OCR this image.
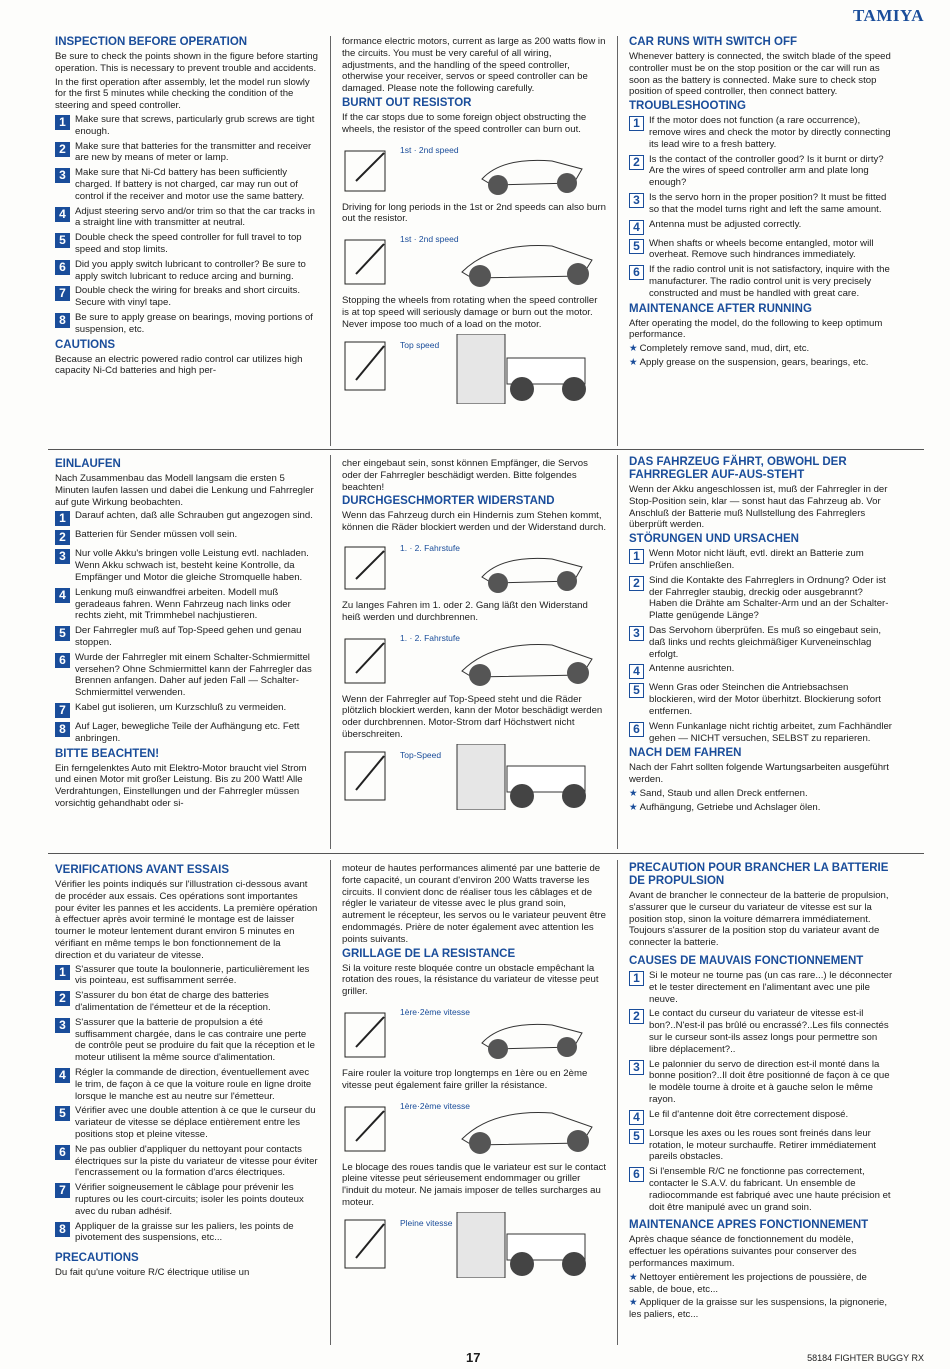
TAMIYA
INSPECTION BEFORE OPERATION

Be sure to check the points shown in the figure before starting operation. This is necessary to prevent trouble and accidents.

In the first operation after assembly, let the model run slowly for the first 5 minutes while checking the condition of the steering and speed controller.

1 Make sure that screws, particularly grub screws are tight enough.
2 Make sure that batteries for the transmitter and receiver are new by means of meter or lamp.
3 Make sure that Ni-Cd battery has been sufficiently charged. If battery is not charged, car may run out of control if the receiver and motor use the same battery.
4 Adjust steering servo and/or trim so that the car tracks in a straight line with transmitter at neutral.
5 Double check the speed controller for full travel to top speed and stop limits.
6 Did you apply switch lubricant to controller? Be sure to apply switch lubricant to reduce arcing and burning.
7 Double check the wiring for breaks and short circuits. Secure with vinyl tape.
8 Be sure to apply grease on bearings, moving portions of suspension, etc.
CAUTIONS

Because an electric powered radio control car utilizes high capacity Ni-Cd batteries and high per-

formance electric motors, current as large as 200 watts flow in the circuits. You must be very careful of all wiring, adjustments, and the handling of the speed controller, otherwise your receiver, servos or speed controller can be damaged. Please note the following carefully.

BURNT OUT RESISTOR

If the car stops due to some foreign object obstructing the wheels, the resistor of the speed controller can burn out.

1st · 2nd speed

Driving for long periods in the 1st or 2nd speeds can also burn out the resistor.

1st · 2nd speed

Stopping the wheels from rotating when the speed controller is at top speed will seriously damage or burn out the motor. Never impose too much of a load on the motor.

Top speed
CAR RUNS WITH SWITCH OFF

Whenever battery is connected, the switch blade of the speed controller must be on the stop position or the car will run as soon as the battery is connected. Make sure to check stop position of speed controller, then connect battery.

TROUBLESHOOTING
1 If the motor does not function (a rare occurrence), remove wires and check the motor by directly connecting its lead wire to a fresh battery.
2 Is the contact of the controller good? Is it burnt or dirty? Are the wires of speed controller arm and plate long enough?
3 Is the servo horn in the proper position? It must be fitted so that the model turns right and left the same amount.
4 Antenna must be adjusted correctly.
5 When shafts or wheels become entangled, motor will overheat. Remove such hindrances immediately.
6 If the radio control unit is not satisfactory, inquire with the manufacturer. The radio control unit is very precisely constructed and must be handled with great care.
MAINTENANCE AFTER RUNNING

After operating the model, do the following to keep optimum performance.

★ Completely remove sand, mud, dirt, etc.
★ Apply grease on the suspension, gears, bearings, etc.
EINLAUFEN

Nach Zusammenbau das Modell langsam die ersten 5 Minuten laufen lassen und dabei die Lenkung und Fahrregler auf gute Wirkung beobachten.

1 Darauf achten, daß alle Schrauben gut angezogen sind.
2 Batterien für Sender müssen voll sein.
3 Nur volle Akku's bringen volle Leistung evtl. nachladen. Wenn Akku schwach ist, besteht keine Kontrolle, da Empfänger und Motor die gleiche Stromquelle haben.
4 Lenkung muß einwandfrei arbeiten. Modell muß geradeaus fahren. Wenn Fahrzeug nach links oder rechts zieht, mit Trimmhebel nachjustieren.
5 Der Fahrregler muß auf Top-Speed gehen und genau stoppen.
6 Wurde der Fahrregler mit einem Schalter-Schmiermittel versehen? Ohne Schmiermittel kann der Fahrregler das Brennen anfangen. Daher auf jeden Fall — Schalter-Schmiermittel verwenden.
7 Kabel gut isolieren, um Kurzschluß zu vermeiden.
8 Auf Lager, bewegliche Teile der Aufhängung etc. Fett anbringen.
BITTE BEACHTEN!

Ein ferngelenktes Auto mit Elektro-Motor braucht viel Strom und einen Motor mit großer Leistung. Bis zu 200 Watt! Alle Verdrahtungen, Einstellungen und der Fahrregler müssen vorsichtig gehandhabt oder si-

cher eingebaut sein, sonst können Empfänger, die Servos oder der Fahrregler beschädigt werden. Bitte folgendes beachten!

DURCHGESCHMORTER WIDERSTAND

Wenn das Fahrzeug durch ein Hindernis zum Stehen kommt, können die Räder blockiert werden und der Widerstand durch.

1. · 2. Fahrstufe

Zu langes Fahren im 1. oder 2. Gang läßt den Widerstand heiß werden und durchbrennen.

1. · 2. Fahrstufe

Wenn der Fahrregler auf Top-Speed steht und die Räder plötzlich blockiert werden, kann der Motor beschädigt werden oder durchbrennen. Motor-Strom darf Höchstwert nicht überschreiten.

Top-Speed
DAS FAHRZEUG FÄHRT, OBWOHL DER FAHRREGLER AUF-AUS-STEHT

Wenn der Akku angeschlossen ist, muß der Fahrregler in der Stop-Position sein, klar — sonst haut das Fahrzeug ab. Vor Anschluß der Batterie muß Nullstellung des Fahrreglers überprüft werden.

STÖRUNGEN UND URSACHEN
1 Wenn Motor nicht läuft, evtl. direkt an Batterie zum Prüfen anschließen.
2 Sind die Kontakte des Fahrreglers in Ordnung? Oder ist der Fahrregler staubig, dreckig oder ausgebrannt? Haben die Drähte am Schalter-Arm und an der Schalter-Platte genügende Länge?
3 Das Servohorn überprüfen. Es muß so eingebaut sein, daß links und rechts gleichmäßiger Kurveneinschlag erfolgt.
4 Antenne ausrichten.
5 Wenn Gras oder Steinchen die Antriebsachsen blockieren, wird der Motor überhitzt. Blockierung sofort entfernen.
6 Wenn Funkanlage nicht richtig arbeitet, zum Fachhändler gehen — NICHT versuchen, SELBST zu reparieren.
NACH DEM FAHREN

Nach der Fahrt sollten folgende Wartungsarbeiten ausgeführt werden.

★ Sand, Staub und allen Dreck entfernen.
★ Aufhängung, Getriebe und Achslager ölen.
VERIFICATIONS AVANT ESSAIS

Vérifier les points indiqués sur l'illustration ci-dessous avant de procéder aux essais. Ces opérations sont importantes pour éviter les pannes et les accidents. La première opération à effectuer après avoir terminé le montage est de laisser tourner le moteur lentement durant environ 5 minutes en vérifiant en même temps le bon fonctionnement de la direction et du variateur de vitesse.

1 S'assurer que toute la boulonnerie, particulièrement les vis pointeau, est suffisamment serrée.
2 S'assurer du bon état de charge des batteries d'alimentation de l'émetteur et de la réception.
3 S'assurer que la batterie de propulsion a été suffisamment chargée, dans le cas contraire une perte de contrôle peut se produire du fait que la réception et le moteur utilisent la même source d'alimentation.
4 Régler la commande de direction, éventuellement avec le trim, de façon à ce que la voiture roule en ligne droite lorsque le manche est au neutre sur l'émetteur.
5 Vérifier avec une double attention à ce que le curseur du variateur de vitesse se déplace entièrement entre les positions stop et pleine vitesse.
6 Ne pas oublier d'appliquer du nettoyant pour contacts électriques sur la piste du variateur de vitesse pour éviter l'encrassement ou la formation d'arcs électriques.
7 Vérifier soigneusement le câblage pour prévenir les ruptures ou les court-circuits; isoler les points douteux avec du ruban adhésif.
8 Appliquer de la graisse sur les paliers, les points de pivotement des suspensions, etc...
PRECAUTIONS

Du fait qu'une voiture R/C électrique utilise un

moteur de hautes performances alimenté par une batterie de forte capacité, un courant d'environ 200 Watts traverse les circuits. Il convient donc de réaliser tous les câblages et de régler le variateur de vitesse avec le plus grand soin, autrement le récepteur, les servos ou le variateur peuvent être endommagés. Prière de noter également avec attention les points suivants.

GRILLAGE DE LA RESISTANCE

Si la voiture reste bloquée contre un obstacle empêchant la rotation des roues, la résistance du variateur de vitesse peut griller.

1ère·2ème vitesse

Faire rouler la voiture trop longtemps en 1ère ou en 2ème vitesse peut également faire griller la résistance.

1ère·2ème vitesse

Le blocage des roues tandis que le variateur est sur le contact pleine vitesse peut sérieusement endommager ou griller l'induit du moteur. Ne jamais imposer de telles surcharges au moteur.

Pleine vitesse
PRECAUTION POUR BRANCHER LA BATTERIE DE PROPULSION

Avant de brancher le connecteur de la batterie de propulsion, s'assurer que le curseur du variateur de vitesse est sur la position stop, sinon la voiture démarrera immédiatement. Toujours s'assurer de la position stop du variateur avant de connecter la batterie.

CAUSES DE MAUVAIS FONCTIONNEMENT
1 Si le moteur ne tourne pas (un cas rare...) le déconnecter et le tester directement en l'alimentant avec une pile neuve.
2 Le contact du curseur du variateur de vitesse est-il bon?..N'est-il pas brûlé ou encrassé?..Les fils connectés sur le curseur sont-ils assez longs pour permettre son libre déplacement?..
3 Le palonnier du servo de direction est-il monté dans la bonne position?..Il doit être positionné de façon à ce que le modèle tourne à droite et à gauche selon le même rayon.
4 Le fil d'antenne doit être correctement disposé.
5 Lorsque les axes ou les roues sont freinés dans leur rotation, le moteur surchauffe. Retirer immédiatement pareils obstacles.
6 Si l'ensemble R/C ne fonctionne pas correctement, contacter le S.A.V. du fabricant. Un ensemble de radiocommande est fabriqué avec une haute précision et doit être manipulé avec un grand soin.
MAINTENANCE APRES FONCTIONNEMENT

Après chaque séance de fonctionnement du modèle, effectuer les opérations suivantes pour conserver des performances maximum.

★ Nettoyer entièrement les projections de poussière, de sable, de boue, etc...
★ Appliquer de la graisse sur les suspensions, la pignonerie, les paliers, etc...
17	58184 FIGHTER BUGGY RX
